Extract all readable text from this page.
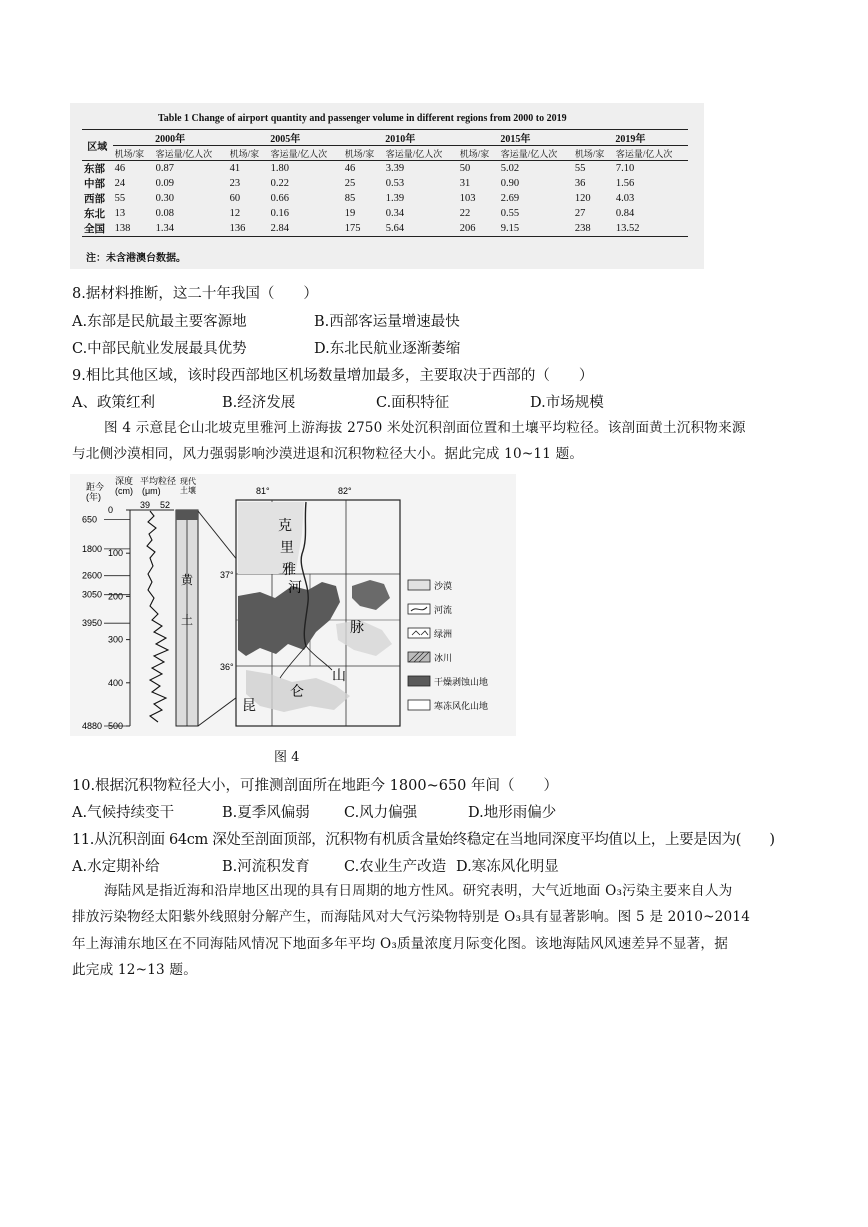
Table 1 Change of airport quantity and passenger volume in different regions from 2000 to 2019
区域	2000年		2005年		2010年		2015年		2019年	
	机场/家	客运量/亿人次	机场/家	客运量/亿人次	机场/家	客运量/亿人次	机场/家	客运量/亿人次	机场/家	客运量/亿人次
东部	46	0.87	41	1.80	46	3.39	50	5.02	55	7.10
中部	24	0.09	23	0.22	25	0.53	31	0.90	36	1.56
西部	55	0.30	60	0.66	85	1.39	103	2.69	120	4.03
东北	13	0.08	12	0.16	19	0.34	22	0.55	27	0.84
全国	138	1.34	136	2.84	175	5.64	206	9.15	238	13.52
注：未含港澳台数据。
8.据材料推断，这二十年我国（　　）
A.东部是民航最主要客源地	B.西部客运量增速最快
C.中部民航业发展最具优势	D.东北民航业逐渐萎缩
9.相比其他区域，该时段西部地区机场数量增加最多，主要取决于西部的（　　）
A、政策红利	B.经济发展	C.面积特征	D.市场规模
图 4 示意昆仑山北坡克里雅河上游海拔 2750 米处沉积剖面位置和土壤平均粒径。该剖面黄土沉积物来源
与北侧沙漠相同，风力强弱影响沙漠进退和沉积物粒径大小。据此完成 10~11 题。
距今(年)
深度(cm)
平均粒径(μm)
现代土壤
39 52
0
100
200
300
400
500
650
1800
2600
3050
3950
4880
黄
土
81°	82°
37°
36°
克
里
雅
河
脉
山
仑
昆
沙漠
河流
绿洲
冰川
干燥剥蚀山地
寒冻风化山地
图 4
10.根据沉积物粒径大小，可推测剖面所在地距今 1800~650 年间（　　）
A.气候持续变干	B.夏季风偏弱 C.风力偏强	D.地形雨偏少
11.从沉积剖面 64cm 深处至剖面顶部，沉积物有机质含量始终稳定在当地同深度平均值以上，上要是因为(　　)
A.水定期补给	B.河流积发育 C.农业生产改造 D.寒冻风化明显
海陆风是指近海和沿岸地区出现的具有日周期的地方性风。研究表明，大气近地面 O₃污染主要来自人为
排放污染物经太阳紫外线照射分解产生，而海陆风对大气污染物特别是 O₃具有显著影响。图 5 是 2010~2014
年上海浦东地区在不同海陆风情况下地面多年平均 O₃质量浓度月际变化图。该地海陆风风速差异不显著，据
此完成 12~13 题。
